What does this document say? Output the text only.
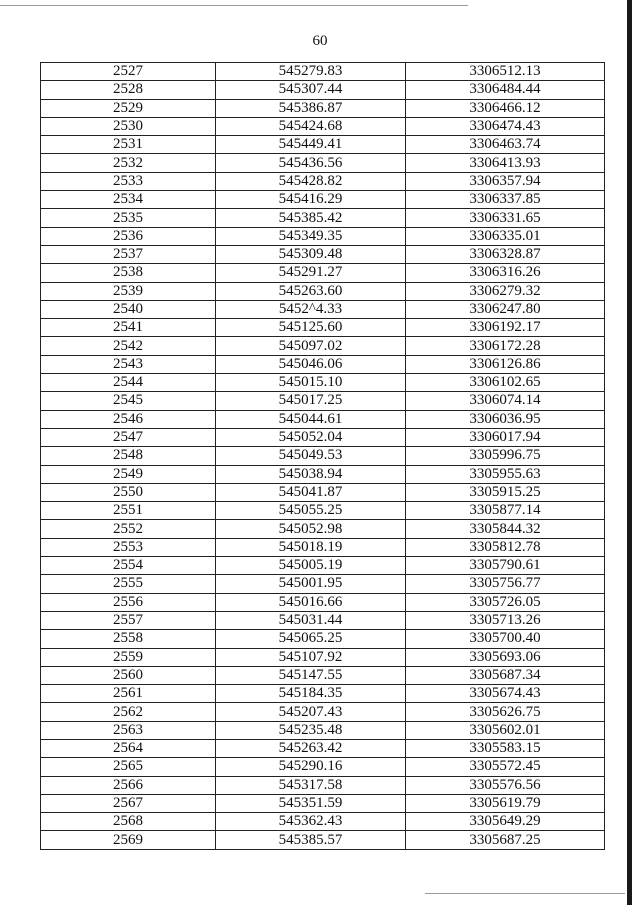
60
2527	545279.83	3306512.13
2528	545307.44	3306484.44
2529	545386.87	3306466.12
2530	545424.68	3306474.43
2531	545449.41	3306463.74
2532	545436.56	3306413.93
2533	545428.82	3306357.94
2534	545416.29	3306337.85
2535	545385.42	3306331.65
2536	545349.35	3306335.01
2537	545309.48	3306328.87
2538	545291.27	3306316.26
2539	545263.60	3306279.32
2540	5452^4.33	3306247.80
2541	545125.60	3306192.17
2542	545097.02	3306172.28
2543	545046.06	3306126.86
2544	545015.10	3306102.65
2545	545017.25	3306074.14
2546	545044.61	3306036.95
2547	545052.04	3306017.94
2548	545049.53	3305996.75
2549	545038.94	3305955.63
2550	545041.87	3305915.25
2551	545055.25	3305877.14
2552	545052.98	3305844.32
2553	545018.19	3305812.78
2554	545005.19	3305790.61
2555	545001.95	3305756.77
2556	545016.66	3305726.05
2557	545031.44	3305713.26
2558	545065.25	3305700.40
2559	545107.92	3305693.06
2560	545147.55	3305687.34
2561	545184.35	3305674.43
2562	545207.43	3305626.75
2563	545235.48	3305602.01
2564	545263.42	3305583.15
2565	545290.16	3305572.45
2566	545317.58	3305576.56
2567	545351.59	3305619.79
2568	545362.43	3305649.29
2569	545385.57	3305687.25
